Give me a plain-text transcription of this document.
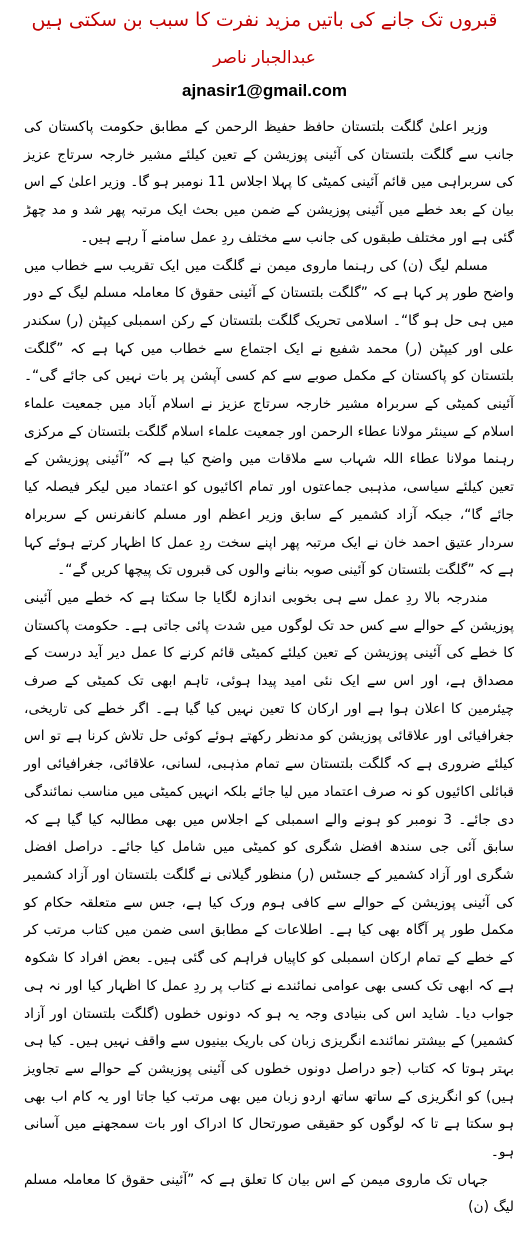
قبروں تک جانے کی باتیں مزید نفرت کا سبب بن سکتی ہیں
عبدالجبار ناصر
ajnasir1@gmail.com

وزیر اعلیٰ گلگت بلتستان حافظ حفیظ الرحمن کے مطابق حکومت پاکستان کی جانب سے گلگت بلتستان کی آئینی پوزیشن کے تعین کیلئے مشیر خارجہ سرتاج عزیز کی سربراہی میں قائم آئینی کمیٹی کا پہلا اجلاس 11 نومبر ہو گا۔ وزیر اعلیٰ کے اس بیان کے بعد خطے میں آئینی پوزیشن کے ضمن میں بحث ایک مرتبہ پھر شد و مد چھڑ گئی ہے اور مختلف طبقوں کی جانب سے مختلف ردِ عمل سامنے آ رہے ہیں۔

مسلم لیگ (ن) کی رہنما ماروی میمن نے گلگت میں ایک تقریب سے خطاب میں واضح طور پر کہا ہے کہ ”گلگت بلتستان کے آئینی حقوق کا معاملہ مسلم لیگ کے دور میں ہی حل ہو گا“۔ اسلامی تحریک گلگت بلتستان کے رکن اسمبلی کیپٹن (ر) سکندر علی اور کیپٹن (ر) محمد شفیع نے ایک اجتماع سے خطاب میں کہا ہے کہ ”گلگت بلتستان کو پاکستان کے مکمل صوبے سے کم کسی آپشن پر بات نہیں کی جائے گی“۔ آئینی کمیٹی کے سربراہ مشیر خارجہ سرتاج عزیز نے اسلام آباد میں جمعیت علماء اسلام کے سینئر مولانا عطاء الرحمن اور جمعیت علماء اسلام گلگت بلتستان کے مرکزی رہنما مولانا عطاء اللہ شہاب سے ملاقات میں واضح کیا ہے کہ ”آئینی پوزیشن کے تعین کیلئے سیاسی، مذہبی جماعتوں اور تمام اکائیوں کو اعتماد میں لیکر فیصلہ کیا جائے گا“، جبکہ آزاد کشمیر کے سابق وزیر اعظم اور مسلم کانفرنس کے سربراہ سردار عتیق احمد خان نے ایک مرتبہ پھر اپنے سخت ردِ عمل کا اظہار کرتے ہوئے کہا ہے کہ ”گلگت بلتستان کو آئینی صوبہ بنانے والوں کی قبروں تک پیچھا کریں گے“۔

مندرجہ بالا ردِ عمل سے ہی بخوبی اندازہ لگایا جا سکتا ہے کہ خطے میں آئینی پوزیشن کے حوالے سے کس حد تک لوگوں میں شدت پائی جاتی ہے۔ حکومت پاکستان کا خطے کی آئینی پوزیشن کے تعین کیلئے کمیٹی قائم کرنے کا عمل دیر آید درست کے مصداق ہے، اور اس سے ایک نئی امید پیدا ہوئی، تاہم ابھی تک کمیٹی کے صرف چیئرمین کا اعلان ہوا ہے اور ارکان کا تعین نہیں کیا گیا ہے۔ اگر خطے کی تاریخی، جغرافیائی اور علاقائی پوزیشن کو مدنظر رکھتے ہوئے کوئی حل تلاش کرنا ہے تو اس کیلئے ضروری ہے کہ گلگت بلتستان سے تمام مذہبی، لسانی، علاقائی، جغرافیائی اور قبائلی اکائیوں کو نہ صرف اعتماد میں لیا جائے بلکہ انہیں کمیٹی میں مناسب نمائندگی دی جائے۔ 3 نومبر کو ہونے والے اسمبلی کے اجلاس میں بھی مطالبہ کیا گیا ہے کہ سابق آئی جی سندھ افضل شگری کو کمیٹی میں شامل کیا جائے۔ دراصل افضل شگری اور آزاد کشمیر کے جسٹس (ر) منظور گیلانی نے گلگت بلتستان اور آزاد کشمیر کی آئینی پوزیشن کے حوالے سے کافی ہوم ورک کیا ہے، جس سے متعلقہ حکام کو مکمل طور پر آگاہ بھی کیا ہے۔ اطلاعات کے مطابق اسی ضمن میں کتاب مرتب کر کے خطے کے تمام ارکان اسمبلی کو کاپیاں فراہم کی گئی ہیں۔ بعض افراد کا شکوہ ہے کہ ابھی تک کسی بھی عوامی نمائندے نے کتاب پر ردِ عمل کا اظہار کیا اور نہ ہی جواب دیا۔ شاید اس کی بنیادی وجہ یہ ہو کہ دونوں خطوں (گلگت بلتستان اور آزاد کشمیر) کے بیشتر نمائندے انگریزی زبان کی باریک بینیوں سے واقف نہیں ہیں۔ کیا ہی بہتر ہوتا کہ کتاب (جو دراصل دونوں خطوں کی آئینی پوزیشن کے حوالے سے تجاویز ہیں) کو انگریزی کے ساتھ ساتھ اردو زبان میں بھی مرتب کیا جاتا اور یہ کام اب بھی ہو سکتا ہے تا کہ لوگوں کو حقیقی صورتحال کا ادراک اور بات سمجھنے میں آسانی ہو۔

جہاں تک ماروی میمن کے اس بیان کا تعلق ہے کہ ”آئینی حقوق کا معاملہ مسلم لیگ (ن)
